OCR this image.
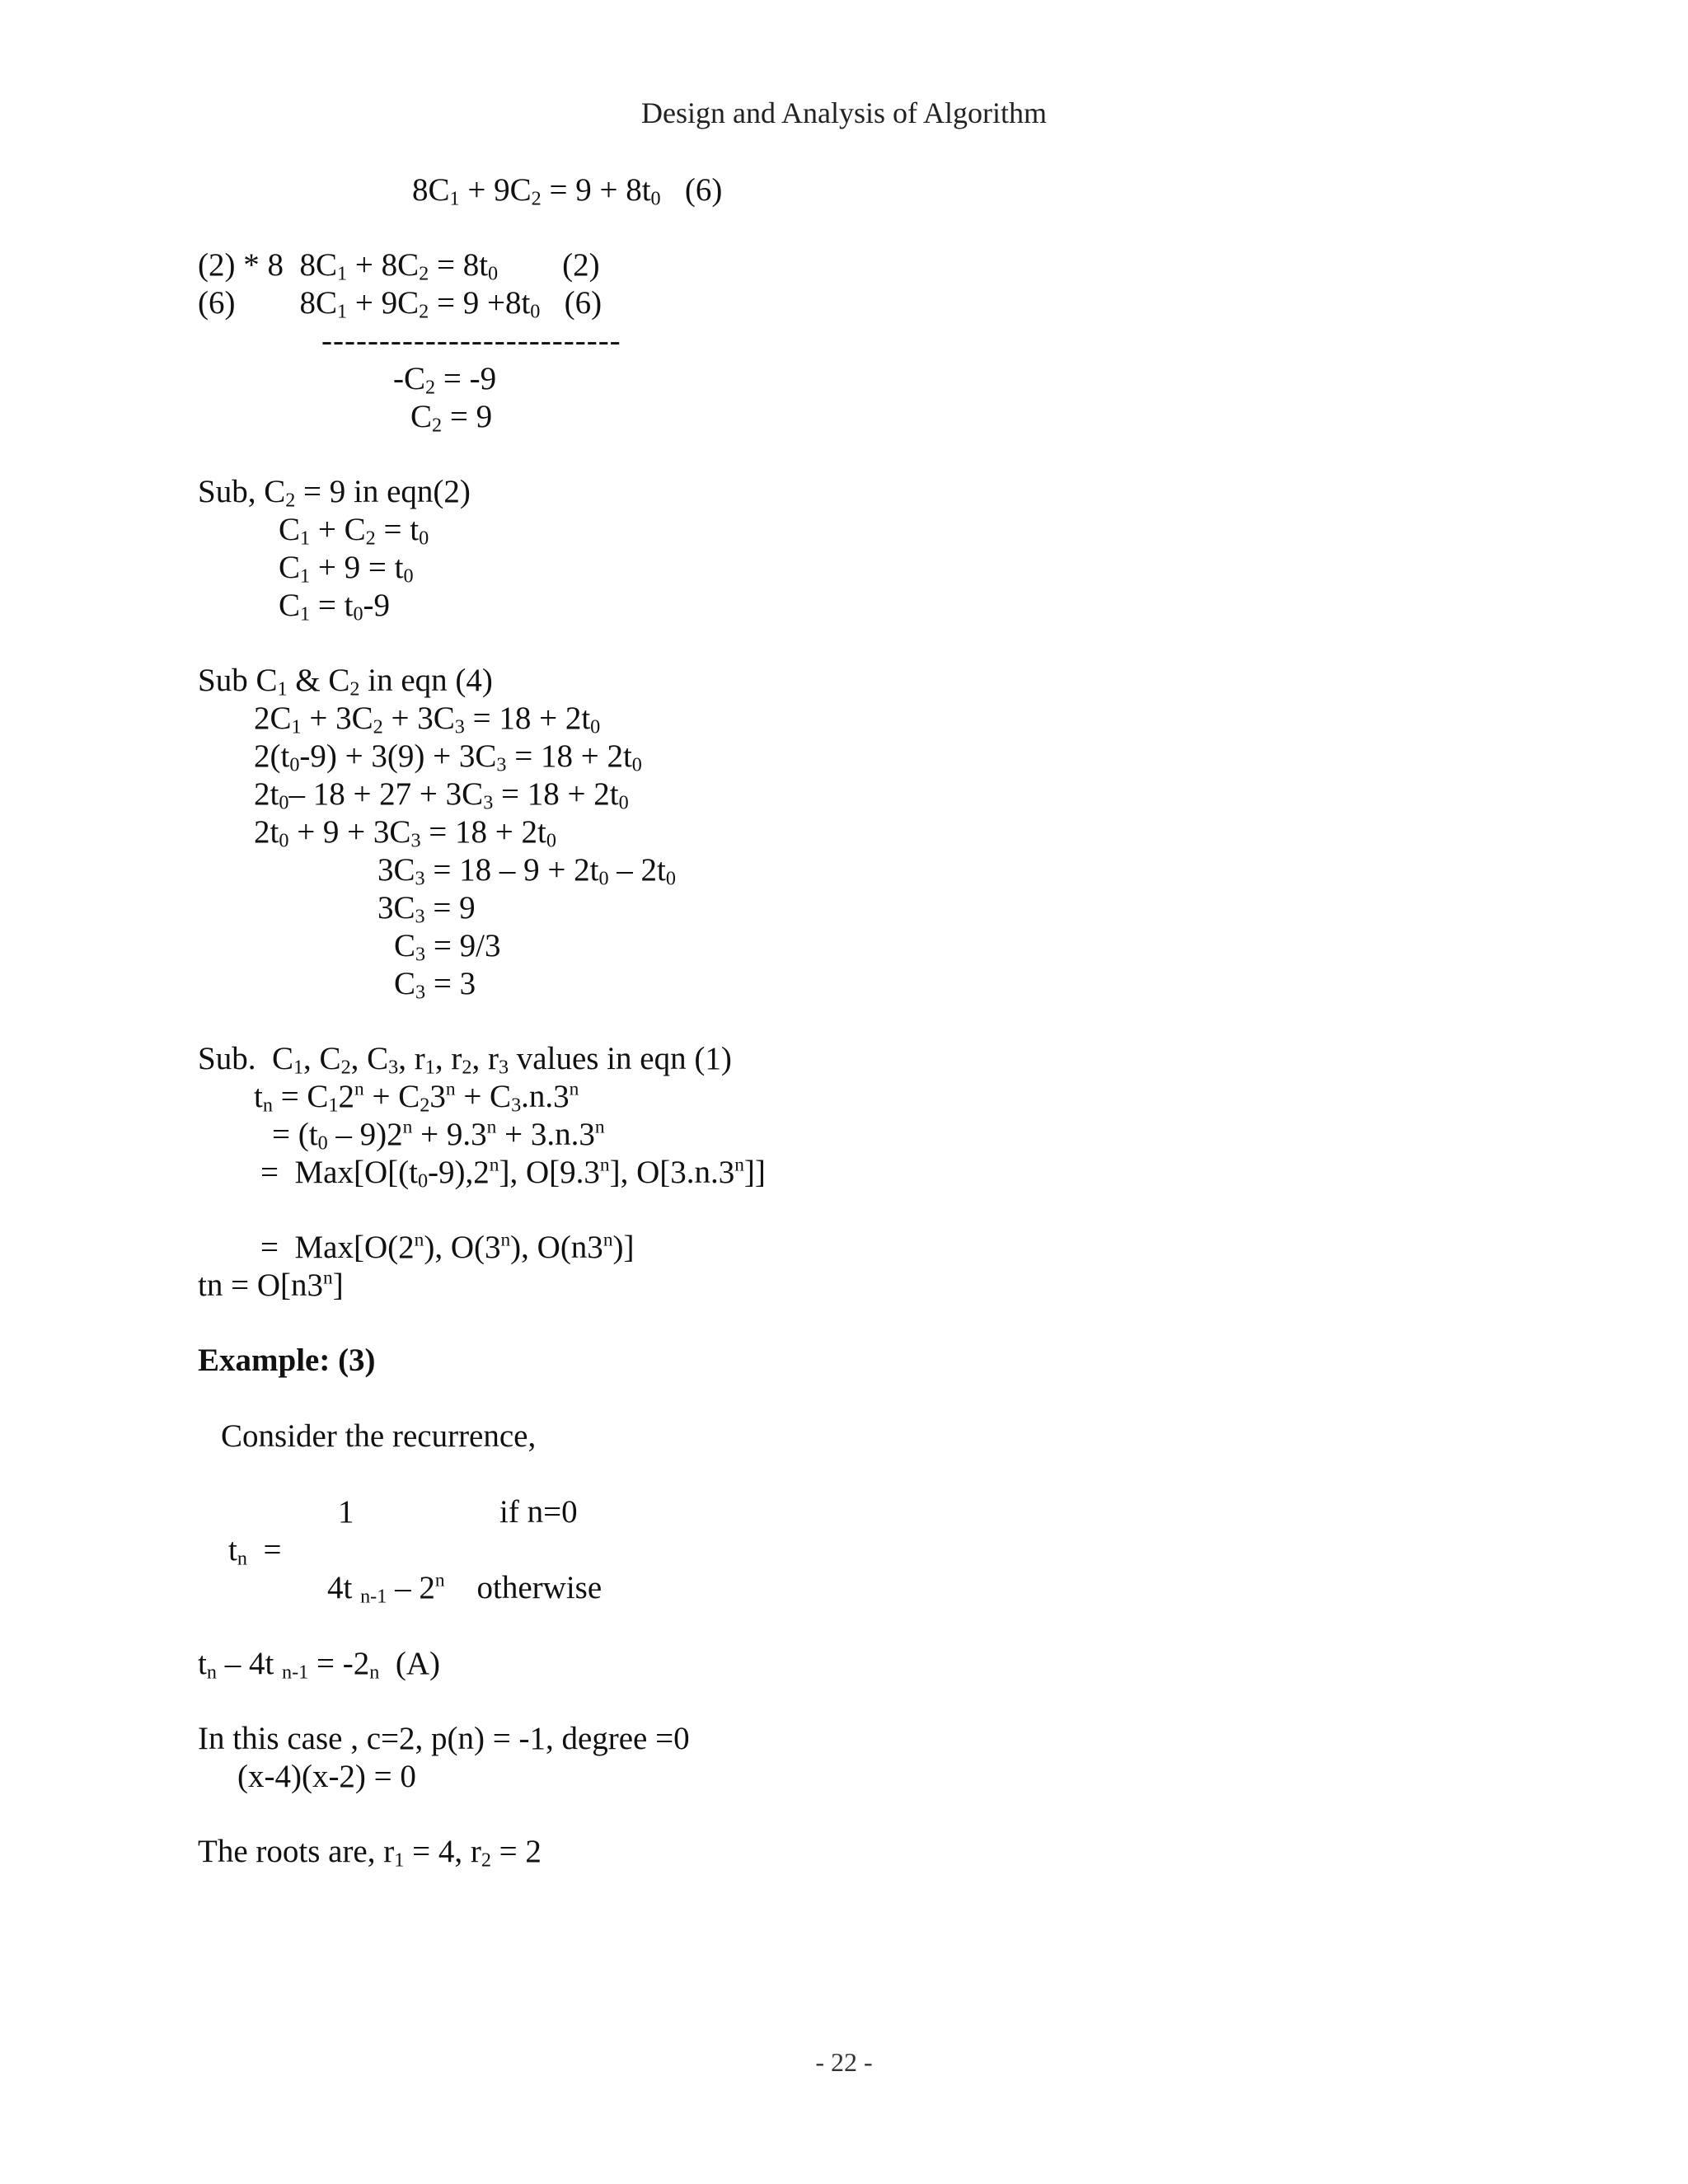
Design and Analysis of Algorithm
$8C_1 + 9C_2 = 9 + 8t_0$   (6)
(2) * 8  $8C_1 + 8C_2 = 8t_0$        (2)
(6)        $8C_1 + 9C_2 = 9 +8t_0$   (6)
--------------------------
$-C_2 = -9$
$C_2 = 9$
Sub, $C_2 = 9$ in eqn(2)
$C_1 + C_2 = t_0$
$C_1 + 9 = t_0$
$C_1 = t_0-9$
Sub $C_1$ & $C_2$ in eqn (4)
$2C_1 + 3C_2 + 3C_3 = 18 + 2t_0$
$2(t_0-9) + 3(9) + 3C_3 = 18 + 2t_0$
$2t_0-$ $18 + 27 + 3C_3 = 18 + 2t_0$
$2t_0 + 9 + 3C_3 = 18 + 2t_0$
$3C_3 = 18 - 9 + 2t_0 - 2t_0$
$3C_3 = 9$
$C_3 = 9/3$
$C_3 = 3$
Sub.  $C_1$, $C_2$, $C_3$, $r_1$, $r_2$, $r_3$ values in eqn (1)
$t_n = C_12^n + C_23^n + C_3.n.3^n$
= $(t_0 - 9)2^n + 9.3^n + 3.n.3^n$
=  $Max[O[(t_0-9),2^n]$, O[9.3$^n$], $O[3.n.3^n]$]
=  Max[O(2$^n$), O(3$^n$), O(n3$^n$)]
tn = $O[n3^n]$
Example: (3)
Consider the recurrence,
1	if n=0
$t_n$  =
4t $_{n-1}$ – 2$^n$    otherwise
$t_n - 4t$ $_{n-1} = -2_n$  (A)
In this case , c=2, p(n) = -1, degree =0
(x-4)(x-2) = 0
The roots are, $r_1 = 4$, $r_2 = 2$
- 22 -
